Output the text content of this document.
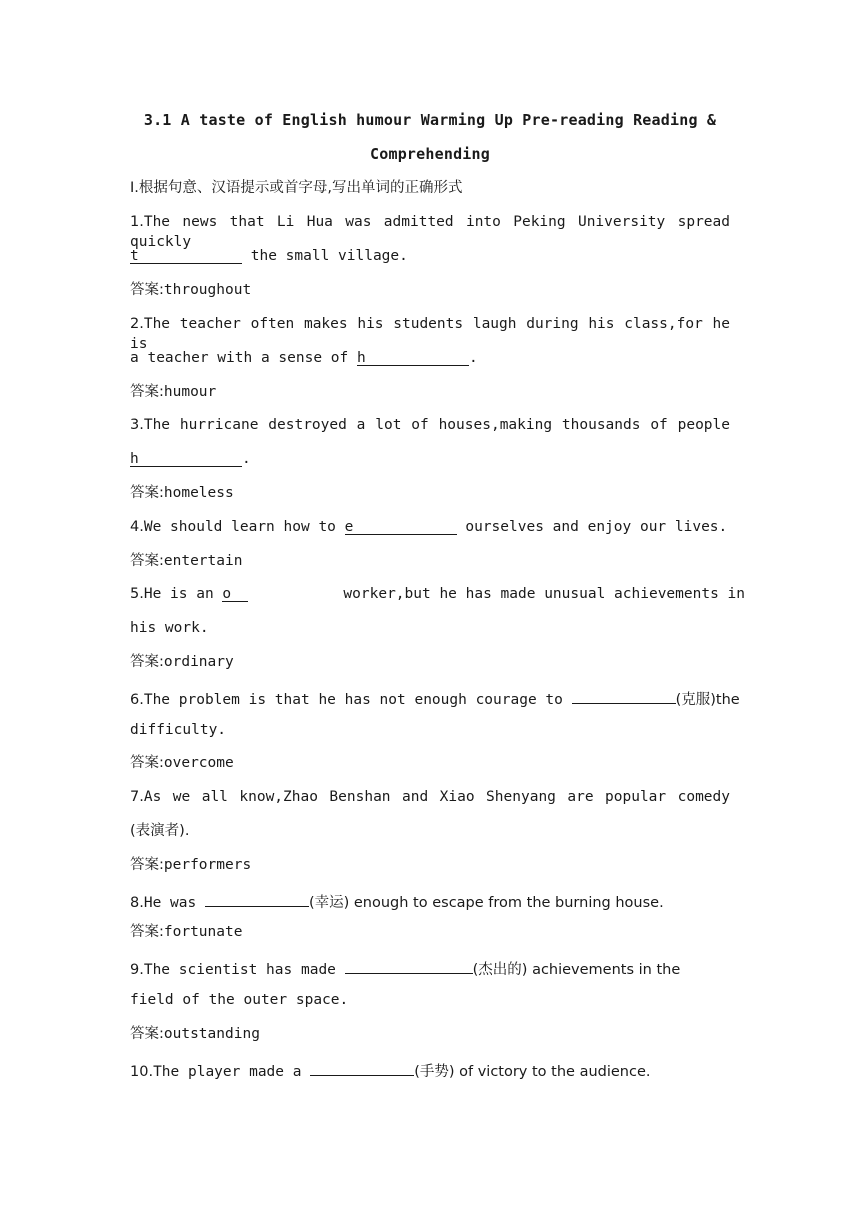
3.1 A taste of English humour Warming Up Pre-reading Reading &
Comprehending
Ⅰ.根据句意、汉语提示或首字母,写出单词的正确形式
1.The news that Li Hua was admitted into Peking University spread quickly
t	the small village.
答案:throughout
2.The teacher often makes his students laugh during his class,for he is
a teacher with a sense of h	.
答案:humour
3.The hurricane destroyed a lot of houses,making thousands of people
h	.
答案:homeless
4.We should learn how to e	ourselves and enjoy our lives.
答案:entertain
5.He is an o	worker,but he has made unusual achievements in
his work.
答案:ordinary
6.The problem is that he has not enough courage to	(克服)the
difficulty.
答案:overcome
7.As we all know,Zhao Benshan and Xiao Shenyang are popular comedy
(表演者).
答案:performers
8.He was	(幸运) enough to escape from the burning house.
答案:fortunate
9.The scientist has made	(杰出的) achievements in the
field of the outer space.
答案:outstanding
10.The player made a	(手势) of victory to the audience.
